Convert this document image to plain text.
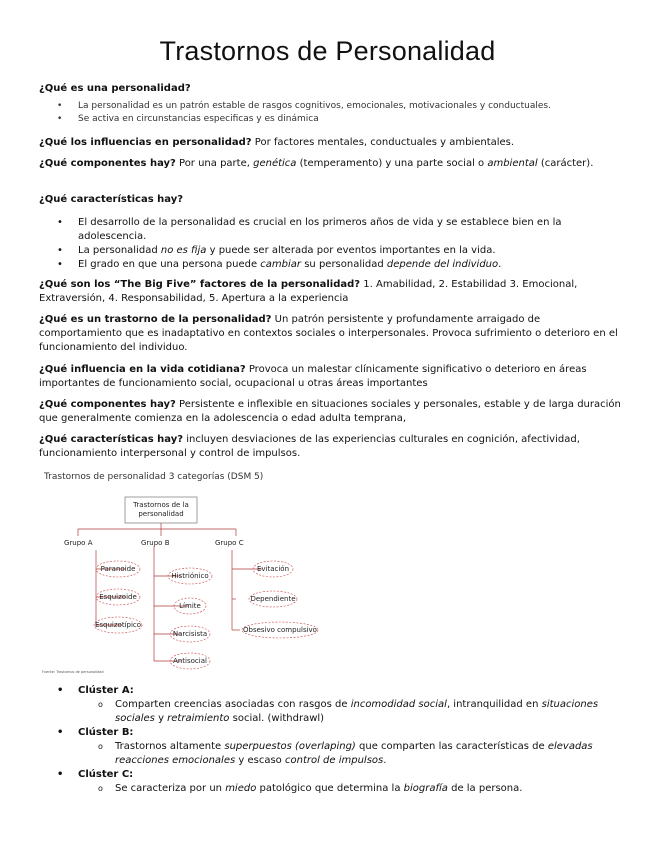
Trastornos de Personalidad
¿Qué es una personalidad?
• La personalidad es un patrón estable de rasgos cognitivos, emocionales, motivacionales y conductuales.
• Se activa en circunstancias especificas y es dinámica
¿Qué los influencias en personalidad? Por factores mentales, conductuales y ambientales.
¿Qué componentes hay? Por una parte, genética (temperamento) y una parte social o ambiental (carácter).
¿Qué características hay?
• El desarrollo de la personalidad es crucial en los primeros años de vida y se establece bien en la adolescencia.
• La personalidad no es fija y puede ser alterada por eventos importantes en la vida.
• El grado en que una persona puede cambiar su personalidad depende del individuo.
¿Qué son los “The Big Five” factores de la personalidad? 1. Amabilidad, 2. Estabilidad 3. Emocional, Extraversión, 4. Responsabilidad, 5. Apertura a la experiencia
¿Qué es un trastorno de la personalidad? Un patrón persistente y profundamente arraigado de comportamiento que es inadaptativo en contextos sociales o interpersonales. Provoca sufrimiento o deterioro en el funcionamiento del individuo.
¿Qué influencia en la vida cotidiana? Provoca un malestar clínicamente significativo o deterioro en áreas importantes de funcionamiento social, ocupacional u otras áreas importantes
¿Qué componentes hay? Persistente e inflexible en situaciones sociales y personales, estable y de larga duración que generalmente comienza en la adolescencia o edad adulta temprana,
¿Qué características hay? incluyen desviaciones de las experiencias culturales en cognición, afectividad, funcionamiento interpersonal y control de impulsos.
Trastornos de personalidad 3 categorías (DSM 5)
Trastornos de la
personalidad
Grupo A	Grupo B	Grupo C
Paranoide
Esquizoide
Esquizotípico
Histriónico
Límite
Narcisista
Antisocial
Evitación
Dependiente
Obsesivo compulsivo
Fuente: Trastornos de personalidad
• Clúster A:
o Comparten creencias asociadas con rasgos de incomodidad social, intranquilidad en situaciones sociales y retraimiento social. (withdrawl)
• Clúster B:
o Trastornos altamente superpuestos (overlaping) que comparten las características de elevadas reacciones emocionales y escaso control de impulsos.
• Clúster C:
o Se caracteriza por un miedo patológico que determina la biografía de la persona.
